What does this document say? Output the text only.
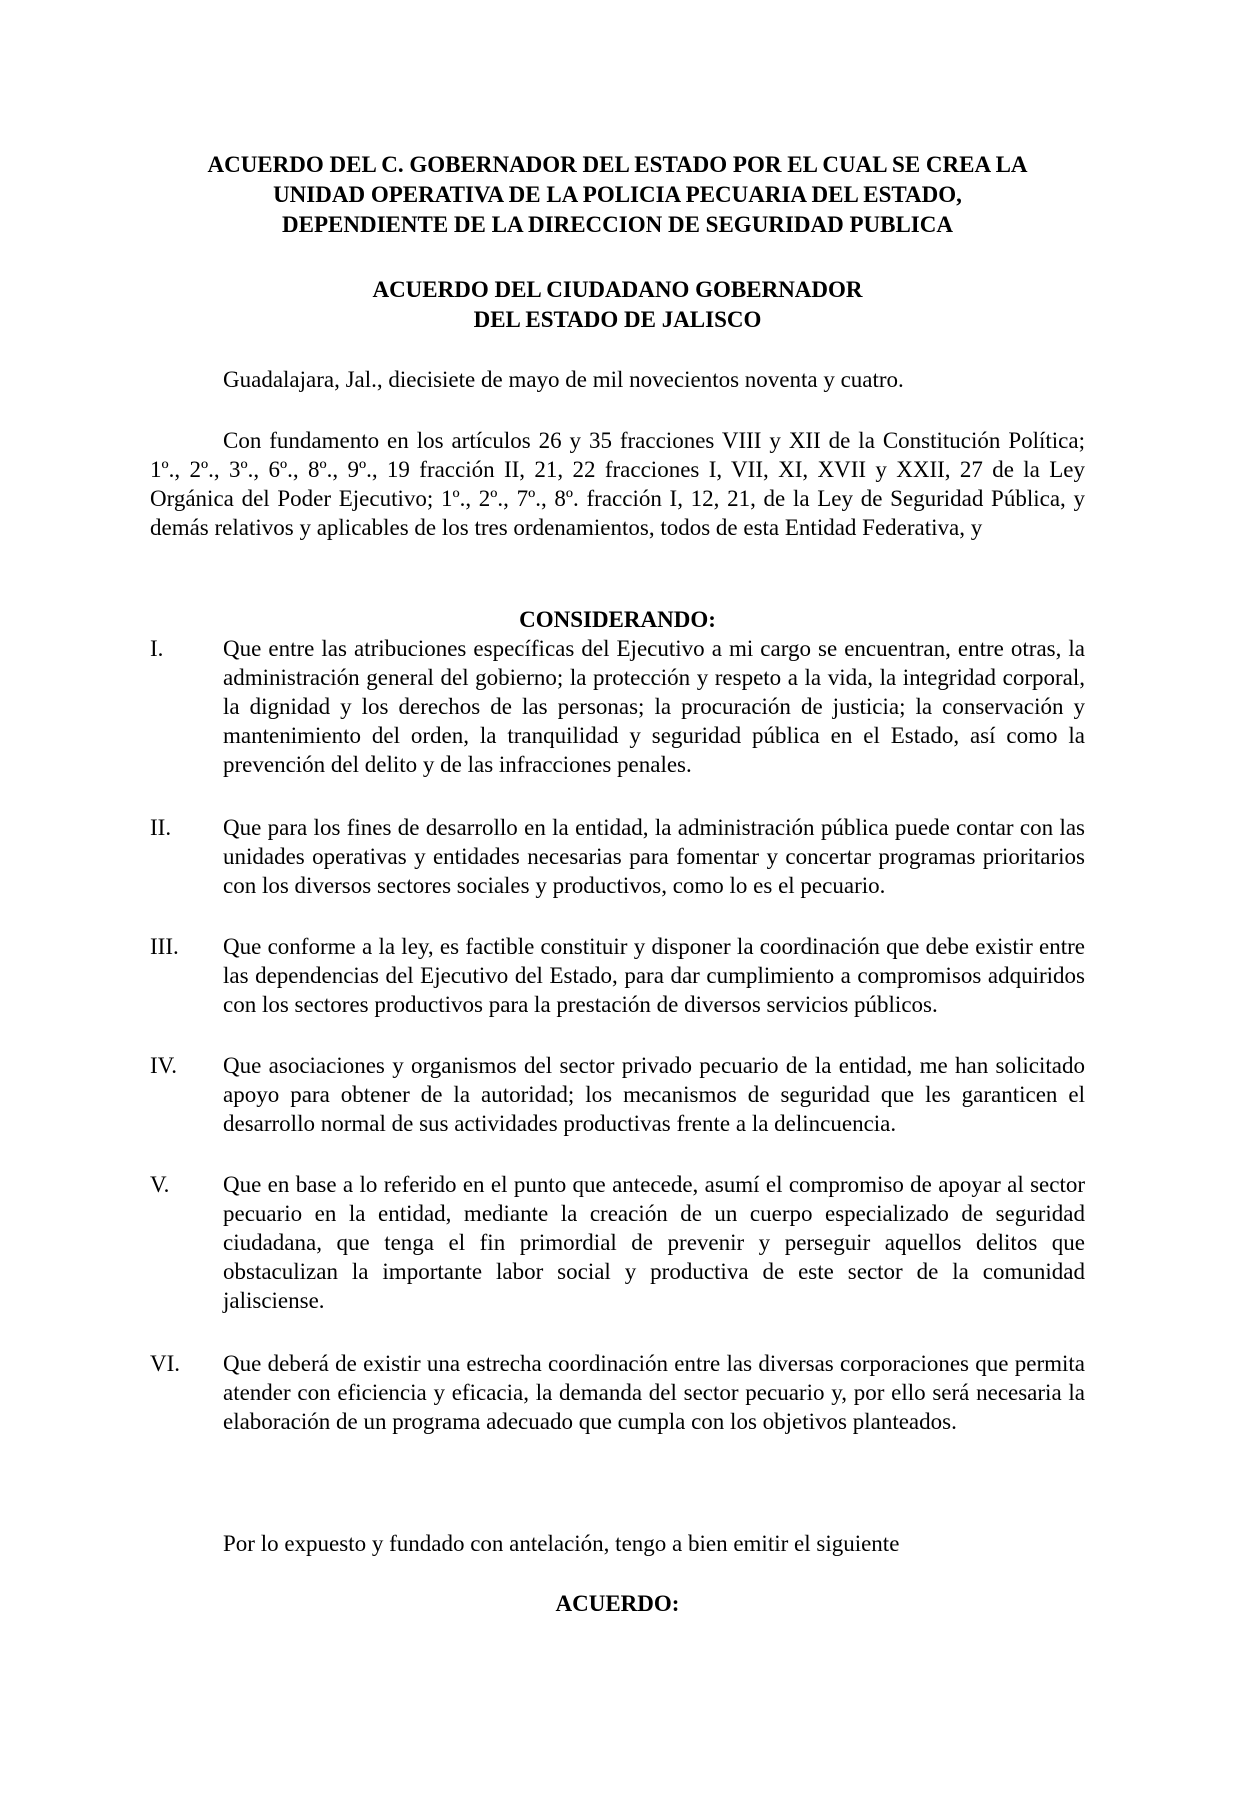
ACUERDO DEL C. GOBERNADOR DEL ESTADO POR EL CUAL SE CREA LA
UNIDAD OPERATIVA DE LA POLICIA PECUARIA DEL ESTADO,
DEPENDIENTE DE LA DIRECCION DE SEGURIDAD PUBLICA
ACUERDO DEL CIUDADANO GOBERNADOR
DEL ESTADO DE JALISCO
Guadalajara, Jal., diecisiete de mayo de mil novecientos noventa y cuatro.
Con fundamento en los artículos 26 y 35 fracciones VIII y XII de la Constitución Política; 1º., 2º., 3º., 6º., 8º., 9º., 19 fracción II, 21, 22 fracciones I, VII, XI, XVII y XXII, 27 de la Ley Orgánica del Poder Ejecutivo; 1º., 2º., 7º., 8º. fracción I, 12, 21, de la Ley de Seguridad Pública, y demás relativos y aplicables de los tres ordenamientos, todos de esta Entidad Federativa, y
CONSIDERANDO:
I.	Que entre las atribuciones específicas del Ejecutivo a mi cargo se encuentran, entre otras, la administración general del gobierno; la protección y respeto a la vida, la integridad corporal, la dignidad y los derechos de las personas; la procuración de justicia; la conservación y mantenimiento del orden, la tranquilidad y seguridad pública en el Estado, así como la prevención del delito y de las infracciones penales.
II.	Que para los fines de desarrollo en la entidad, la administración pública puede contar con las unidades operativas y entidades necesarias para fomentar y concertar programas prioritarios con los diversos sectores sociales y productivos, como lo es el pecuario.
III.	Que conforme a la ley, es factible constituir y disponer la coordinación que debe existir entre las dependencias del Ejecutivo del Estado, para dar cumplimiento a compromisos adquiridos con los sectores productivos para la prestación de diversos servicios públicos.
IV.	Que asociaciones y organismos del sector privado pecuario de la entidad, me han solicitado apoyo para obtener de la autoridad; los mecanismos de seguridad que les garanticen el desarrollo normal de sus actividades productivas frente a la delincuencia.
V.	Que en base a lo referido en el punto que antecede, asumí el compromiso de apoyar al sector pecuario en la entidad, mediante la creación de un cuerpo especializado de seguridad ciudadana, que tenga el fin primordial de prevenir y perseguir aquellos delitos que obstaculizan la importante labor social y productiva de este sector de la comunidad jalisciense.
VI.	Que deberá de existir una estrecha coordinación entre las diversas corporaciones que permita atender con eficiencia y eficacia, la demanda del sector pecuario y, por ello será necesaria la elaboración de un programa adecuado que cumpla con los objetivos planteados.
Por lo expuesto y fundado con antelación, tengo a bien emitir el siguiente
ACUERDO:
